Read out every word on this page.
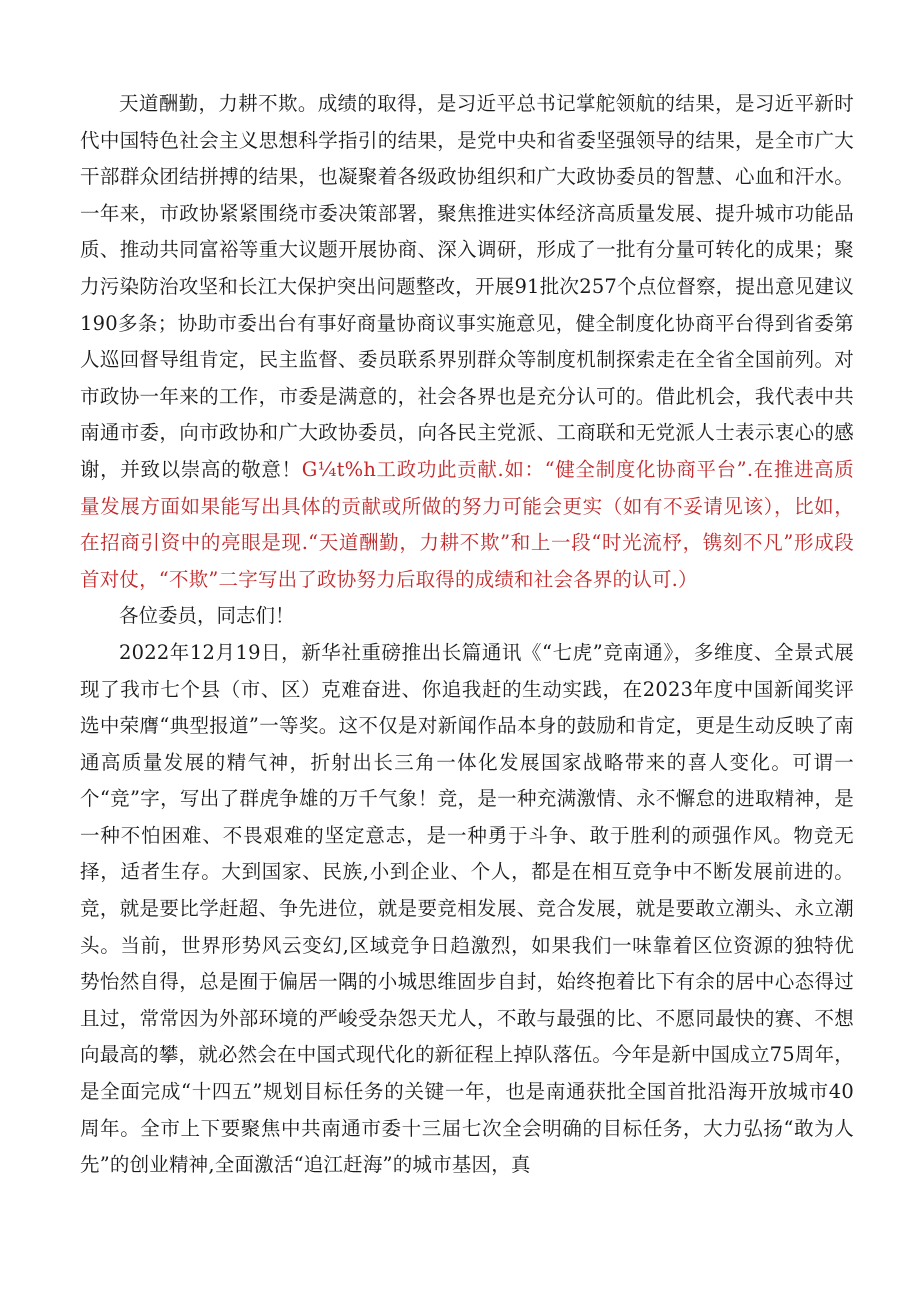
天道酬勤，力耕不欺。成绩的取得，是习近平总书记掌舵领航的结果，是习近平新时代中国特色社会主义思想科学指引的结果，是党中央和省委坚强领导的结果，是全市广大干部群众团结拼搏的结果，也凝聚着各级政协组织和广大政协委员的智慧、心血和汗水。一年来，市政协紧紧围绕市委决策部署，聚焦推进实体经济高质量发展、提升城市功能品质、推动共同富裕等重大议题开展协商、深入调研，形成了一批有分量可转化的成果；聚力污染防治攻坚和长江大保护突出问题整改，开展91批次257个点位督察，提出意见建议190多条；协助市委出台有事好商量协商议事实施意见，健全制度化协商平台得到省委第人巡回督导组肯定，民主监督、委员联系界别群众等制度机制探索走在全省全国前列。对市政协一年来的工作，市委是满意的，社会各界也是充分认可的。借此机会，我代表中共南通市委，向市政协和广大政协委员，向各民主党派、工商联和无党派人士表示衷心的感谢，并致以崇高的敬意！G¼t%h工政功此贡献.如：“健全制度化协商平台”.在推进高质量发展方面如果能写出具体的贡献或所做的努力可能会更实（如有不妥请见该），比如，在招商引资中的亮眼是现.“天道酬勤，力耕不欺”和上一段“时光流杼，镌刻不凡”形成段首对仗，“不欺”二字写出了政协努力后取得的成绩和社会各界的认可.）

各位委员，同志们！

2022年12月19日，新华社重磅推出长篇通讯《“七虎”竞南通》，多维度、全景式展现了我市七个县（市、区）克难奋进、你追我赶的生动实践，在2023年度中国新闻奖评选中荣膺“典型报道”一等奖。这不仅是对新闻作品本身的鼓励和肯定，更是生动反映了南通高质量发展的精气神，折射出长三角一体化发展国家战略带来的喜人变化。可谓一个“竞”字，写出了群虎争雄的万千气象！竞，是一种充满激情、永不懈怠的进取精神，是一种不怕困难、不畏艰难的坚定意志，是一种勇于斗争、敢于胜利的顽强作风。物竞无择，适者生存。大到国家、民族,小到企业、个人，都是在相互竞争中不断发展前进的。竞，就是要比学赶超、争先进位，就是要竞相发展、竞合发展，就是要敢立潮头、永立潮头。当前，世界形势风云变幻,区域竞争日趋激烈，如果我们一味靠着区位资源的独特优势怡然自得，总是囿于偏居一隅的小城思维固步自封，始终抱着比下有余的居中心态得过且过，常常因为外部环境的严峻受杂怨天尤人，不敢与最强的比、不愿同最快的赛、不想向最高的攀，就必然会在中国式现代化的新征程上掉队落伍。今年是新中国成立75周年，是全面完成“十四五”规划目标任务的关键一年，也是南通获批全国首批沿海开放城市40周年。全市上下要聚焦中共南通市委十三届七次全会明确的目标任务，大力弘扬“敢为人先”的创业精神,全面激活“追江赶海”的城市基因，真
